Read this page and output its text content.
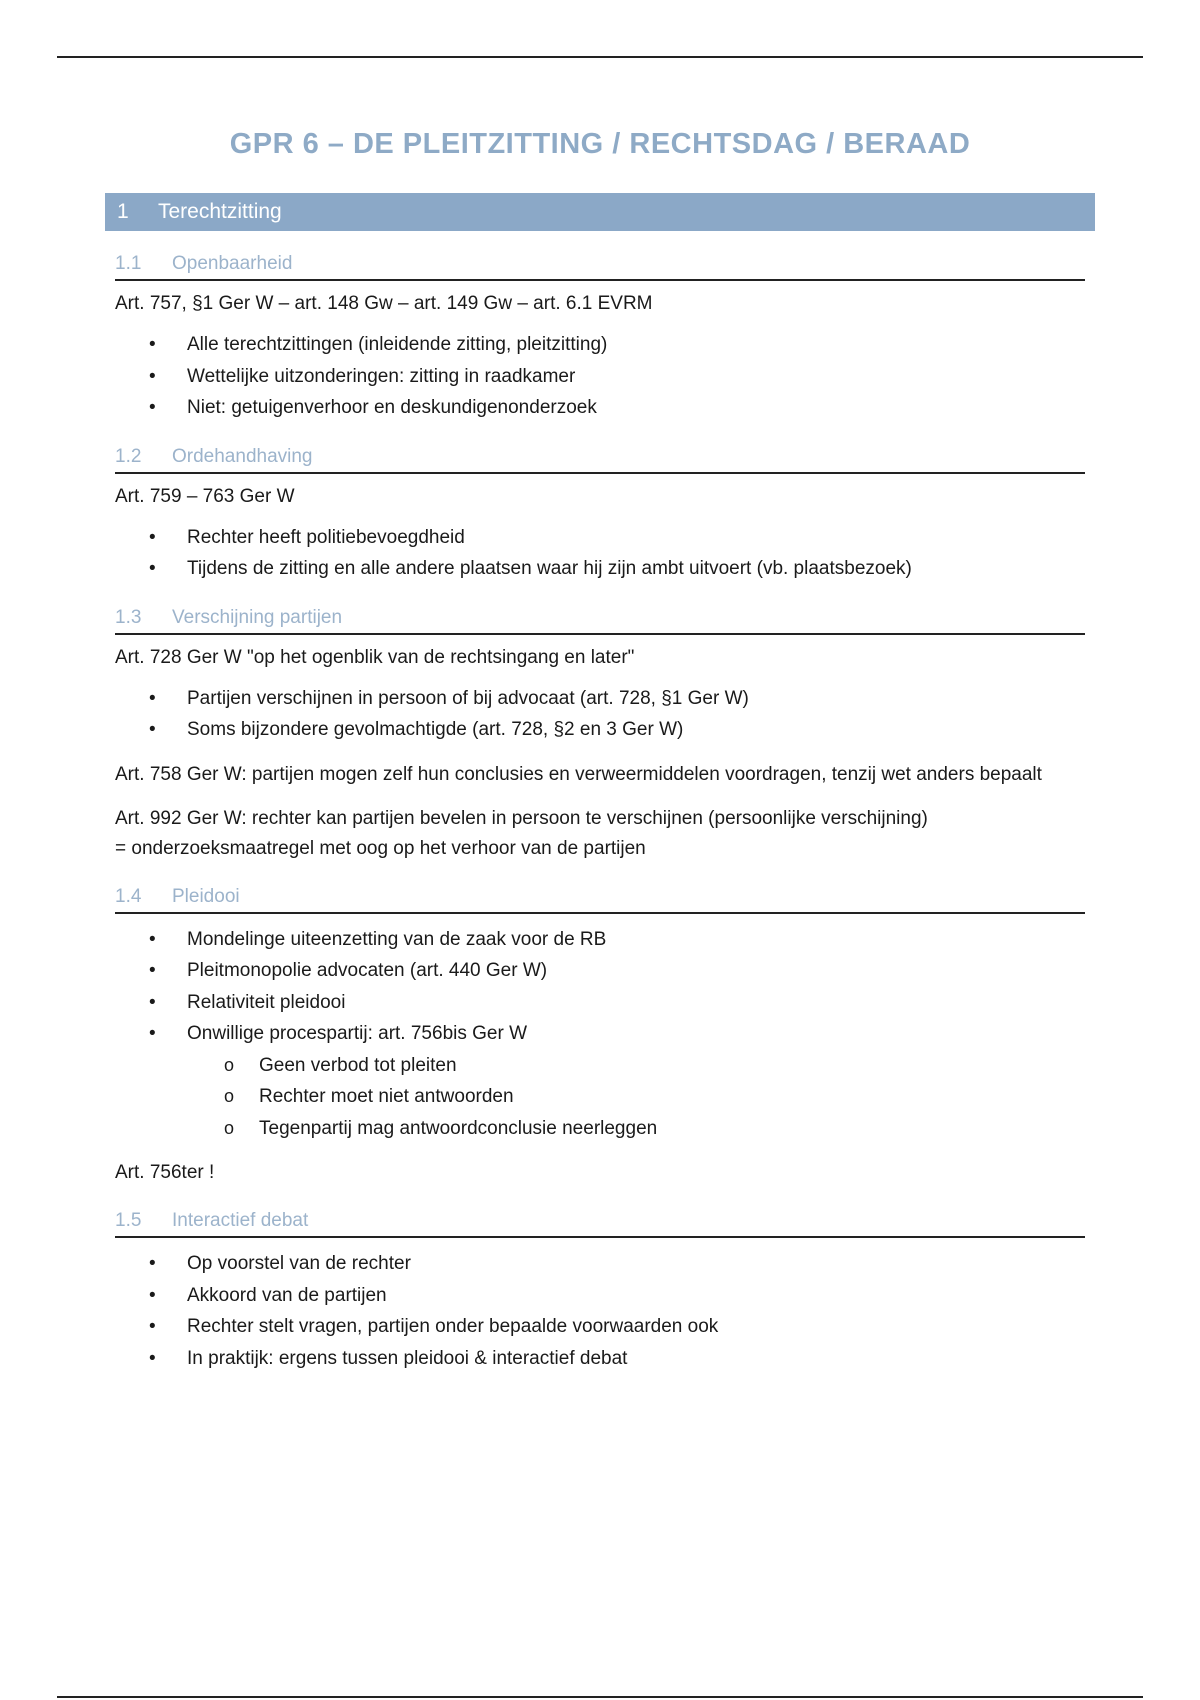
GPR 6 – DE PLEITZITTING / RECHTSDAG / BERAAD
1 Terechtzitting
1.1 Openbaarheid
Art. 757, §1 Ger W – art. 148 Gw – art. 149 Gw – art. 6.1 EVRM
• Alle terechtzittingen (inleidende zitting, pleitzitting)
• Wettelijke uitzonderingen: zitting in raadkamer
• Niet: getuigenverhoor en deskundigenonderzoek
1.2 Ordehandhaving
Art. 759 – 763 Ger W
• Rechter heeft politiebevoegdheid
• Tijdens de zitting en alle andere plaatsen waar hij zijn ambt uitvoert (vb. plaatsbezoek)
1.3 Verschijning partijen
Art. 728 Ger W "op het ogenblik van de rechtsingang en later"
• Partijen verschijnen in persoon of bij advocaat (art. 728, §1 Ger W)
• Soms bijzondere gevolmachtigde (art. 728, §2 en 3 Ger W)
Art. 758 Ger W: partijen mogen zelf hun conclusies en verweermiddelen voordragen, tenzij wet anders bepaalt
Art. 992 Ger W: rechter kan partijen bevelen in persoon te verschijnen (persoonlijke verschijning)
= onderzoeksmaatregel met oog op het verhoor van de partijen
1.4 Pleidooi
• Mondelinge uiteenzetting van de zaak voor de RB
• Pleitmonopolie advocaten (art. 440 Ger W)
• Relativiteit pleidooi
• Onwillige procespartij: art. 756bis Ger W
o Geen verbod tot pleiten
o Rechter moet niet antwoorden
o Tegenpartij mag antwoordconclusie neerleggen
Art. 756ter !
1.5 Interactief debat
• Op voorstel van de rechter
• Akkoord van de partijen
• Rechter stelt vragen, partijen onder bepaalde voorwaarden ook
• In praktijk: ergens tussen pleidooi & interactief debat
